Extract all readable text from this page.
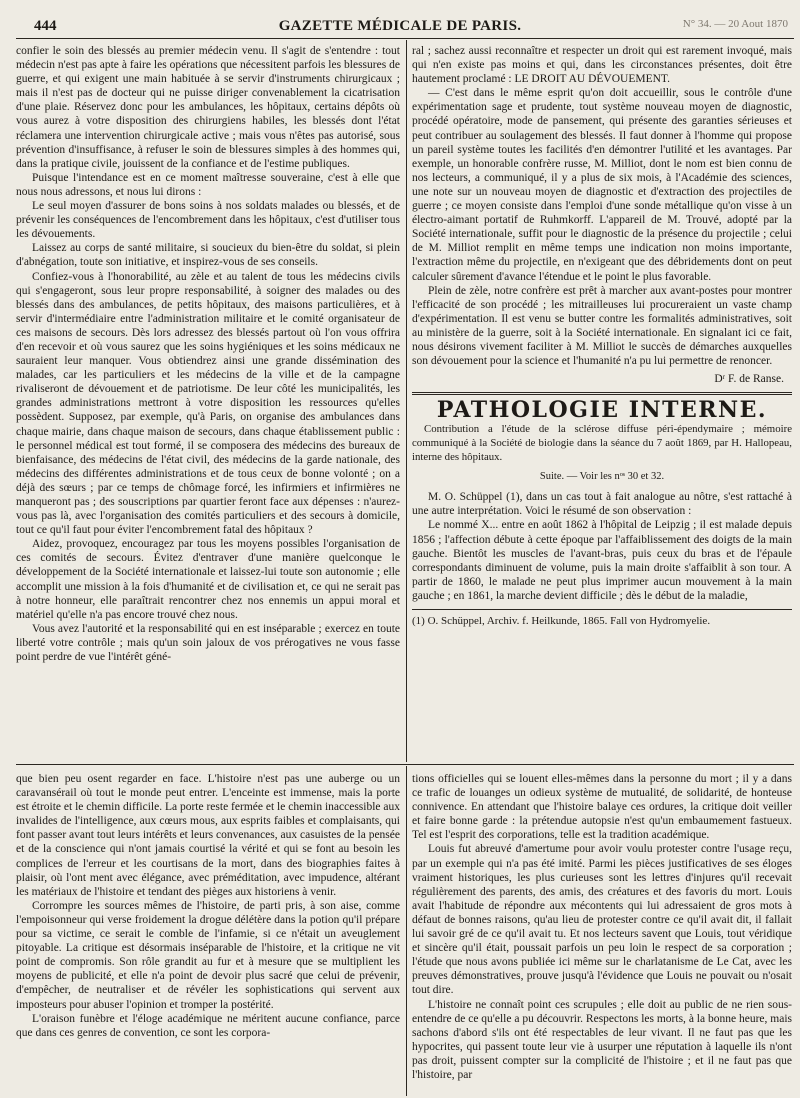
444	GAZETTE MÉDICALE DE PARIS.	N° 34. — 20 Aout 1870

confier le soin des blessés au premier médecin venu. Il s'agit de s'entendre : tout médecin n'est pas apte à faire les opérations que nécessitent parfois les blessures de guerre, et qui exigent une main habituée à se servir d'instruments chirurgicaux ; mais il n'est pas de docteur qui ne puisse diriger convenablement la cicatrisation d'une plaie. Réservez donc pour les ambulances, les hôpitaux, certains dépôts où vous aurez à votre disposition des chirurgiens habiles, les blessés dont l'état réclamera une intervention chirurgicale active ; mais vous n'êtes pas autorisé, sous prévention d'insuffisance, à refuser le soin de blessures simples à des hommes qui, dans la pratique civile, jouissent de la confiance et de l'estime publiques.

Puisque l'intendance est en ce moment maîtresse souveraine, c'est à elle que nous nous adressons, et nous lui dirons :

Le seul moyen d'assurer de bons soins à nos soldats malades ou blessés, et de prévenir les conséquences de l'encombrement dans les hôpitaux, c'est d'utiliser tous les dévouements.

Laissez au corps de santé militaire, si soucieux du bien-être du soldat, si plein d'abnégation, toute son initiative, et inspirez-vous de ses conseils.

Confiez-vous à l'honorabilité, au zèle et au talent de tous les médecins civils qui s'engageront, sous leur propre responsabilité, à soigner des malades ou des blessés dans des ambulances, de petits hôpitaux, des maisons particulières, et à servir d'intermédiaire entre l'administration militaire et le comité organisateur de ces maisons de secours. Dès lors adressez des blessés partout où l'on vous offrira d'en recevoir et où vous saurez que les soins hygiéniques et les soins médicaux ne sauraient leur manquer. Vous obtiendrez ainsi une grande dissémination des malades, car les particuliers et les médecins de la ville et de la campagne rivaliseront de dévouement et de patriotisme. De leur côté les municipalités, les grandes administrations mettront à votre disposition les ressources qu'elles possèdent. Supposez, par exemple, qu'à Paris, on organise des ambulances dans chaque mairie, dans chaque maison de secours, dans chaque établissement public : le personnel médical est tout formé, il se composera des médecins des bureaux de bienfaisance, des médecins de l'état civil, des médecins de la garde nationale, des médecins des différentes administrations et de tous ceux de bonne volonté ; on a déjà des sœurs ; par ce temps de chômage forcé, les infirmiers et infirmières ne manqueront pas ; des souscriptions par quartier feront face aux dépenses : n'aurez-vous pas là, avec l'organisation des comités particuliers et des secours à domicile, tout ce qu'il faut pour éviter l'encombrement fatal des hôpitaux ?

Aidez, provoquez, encouragez par tous les moyens possibles l'organisation de ces comités de secours. Évitez d'entraver d'une manière quelconque le développement de la Société internationale et laissez-lui toute son autonomie ; elle accomplit une mission à la fois d'humanité et de civilisation et, ce qui ne serait pas à notre honneur, elle paraîtrait rencontrer chez nos ennemis un appui moral et matériel qu'elle n'a pas encore trouvé chez nous.

Vous avez l'autorité et la responsabilité qui en est inséparable ; exercez en toute liberté votre contrôle ; mais qu'un soin jaloux de vos prérogatives ne vous fasse point perdre de vue l'intérêt géné-

ral ; sachez aussi reconnaître et respecter un droit qui est rarement invoqué, mais qui n'en existe pas moins et qui, dans les circonstances présentes, doit être hautement proclamé : LE DROIT AU DÉVOUEMENT.

— C'est dans le même esprit qu'on doit accueillir, sous le contrôle d'une expérimentation sage et prudente, tout système nouveau moyen de diagnostic, procédé opératoire, mode de pansement, qui présente des garanties sérieuses et peut contribuer au soulagement des blessés. Il faut donner à l'homme qui propose un pareil système toutes les facilités d'en démontrer l'utilité et les avantages. Par exemple, un honorable confrère russe, M. Milliot, dont le nom est bien connu de nos lecteurs, a communiqué, il y a plus de six mois, à l'Académie des sciences, une note sur un nouveau moyen de diagnostic et d'extraction des projectiles de guerre ; ce moyen consiste dans l'emploi d'une sonde métallique qu'on visse à un électro-aimant portatif de Ruhmkorff. L'appareil de M. Trouvé, adopté par la Société internationale, suffit pour le diagnostic de la présence du projectile ; celui de M. Milliot remplit en même temps une indication non moins importante, l'extraction même du projectile, en n'exigeant que des débridements dont on peut calculer sûrement d'avance l'étendue et le point le plus favorable.

Plein de zèle, notre confrère est prêt à marcher aux avant-postes pour montrer l'efficacité de son procédé ; les mitrailleuses lui procureraient un vaste champ d'expérimentation. Il est venu se butter contre les formalités administratives, soit au ministère de la guerre, soit à la Société internationale. En signalant ici ce fait, nous désirons vivement faciliter à M. Milliot le succès de démarches auxquelles son dévouement pour la science et l'humanité n'a pu lui permettre de renoncer.

Dʳ F. de Ranse.
PATHOLOGIE INTERNE.
Contribution a l'étude de la sclérose diffuse péri-épendymaire ; mémoire communiqué à la Société de biologie dans la séance du 7 août 1869, par H. Hallopeau, interne des hôpitaux.
Suite. — Voir les nᵒˢ 30 et 32.

M. O. Schüppel (1), dans un cas tout à fait analogue au nôtre, s'est rattaché à une autre interprétation. Voici le résumé de son observation :

Le nommé X... entre en août 1862 à l'hôpital de Leipzig ; il est malade depuis 1856 ; l'affection débute à cette époque par l'affaiblissement des doigts de la main gauche. Bientôt les muscles de l'avant-bras, puis ceux du bras et de l'épaule correspondants diminuent de volume, puis la main droite s'affaiblit à son tour. A partir de 1860, le malade ne peut plus imprimer aucun mouvement à la main gauche ; en 1861, la marche devient difficile ; dès le début de la maladie,

(1) O. Schüppel, Archiv. f. Heilkunde, 1865. Fall von Hydromyelie.

que bien peu osent regarder en face. L'histoire n'est pas une auberge ou un caravansérail où tout le monde peut entrer. L'enceinte est immense, mais la porte est étroite et le chemin difficile. La porte reste fermée et le chemin inaccessible aux invalides de l'intelligence, aux cœurs mous, aux esprits faibles et complaisants, qui font passer avant tout leurs intérêts et leurs convenances, aux casuistes de la pensée et de la conscience qui n'ont jamais courtisé la vérité et qui se font au besoin les complices de l'erreur et les courtisans de la mort, dans des biographies faites à plaisir, où l'ont ment avec élégance, avec préméditation, avec impudence, altérant les matériaux de l'histoire et tendant des pièges aux historiens à venir.

Corrompre les sources mêmes de l'histoire, de parti pris, à son aise, comme l'empoisonneur qui verse froidement la drogue délétère dans la potion qu'il prépare pour sa victime, ce serait le comble de l'infamie, si ce n'était un aveuglement pitoyable. La critique est désormais inséparable de l'histoire, et la critique ne vit point de compromis. Son rôle grandit au fur et à mesure que se multiplient les moyens de publicité, et elle n'a point de devoir plus sacré que celui de prévenir, d'empêcher, de neutraliser et de révéler les sophistications qui servent aux imposteurs pour abuser l'opinion et tromper la postérité.

L'oraison funèbre et l'éloge académique ne méritent aucune confiance, parce que dans ces genres de convention, ce sont les corpora-

tions officielles qui se louent elles-mêmes dans la personne du mort ; il y a dans ce trafic de louanges un odieux système de mutualité, de solidarité, de honteuse connivence. En attendant que l'histoire balaye ces ordures, la critique doit veiller et faire bonne garde : la prétendue autopsie n'est qu'un embaumement fastueux. Tel est l'esprit des corporations, telle est la tradition académique.

Louis fut abreuvé d'amertume pour avoir voulu protester contre l'usage reçu, par un exemple qui n'a pas été imité. Parmi les pièces justificatives de ses éloges vraiment historiques, les plus curieuses sont les lettres d'injures qu'il recevait régulièrement des parents, des amis, des créatures et des favoris du mort. Louis avait l'habitude de répondre aux mécontents qui lui adressaient de gros mots à défaut de bonnes raisons, qu'au lieu de protester contre ce qu'il avait dit, il fallait lui savoir gré de ce qu'il avait tu. Et nos lecteurs savent que Louis, tout véridique et sincère qu'il était, poussait parfois un peu loin le respect de sa corporation ; l'étude que nous avons publiée ici même sur le charlatanisme de Le Cat, avec les preuves démonstratives, prouve jusqu'à l'évidence que Louis ne pouvait ou n'osait tout dire.

L'histoire ne connaît point ces scrupules ; elle doit au public de ne rien sous-entendre de ce qu'elle a pu découvrir. Respectons les morts, à la bonne heure, mais sachons d'abord s'ils ont été respectables de leur vivant. Il ne faut pas que les hypocrites, qui passent toute leur vie à usurper une réputation à laquelle ils n'ont pas droit, puissent compter sur la complicité de l'histoire ; et il ne faut pas que l'histoire, par
